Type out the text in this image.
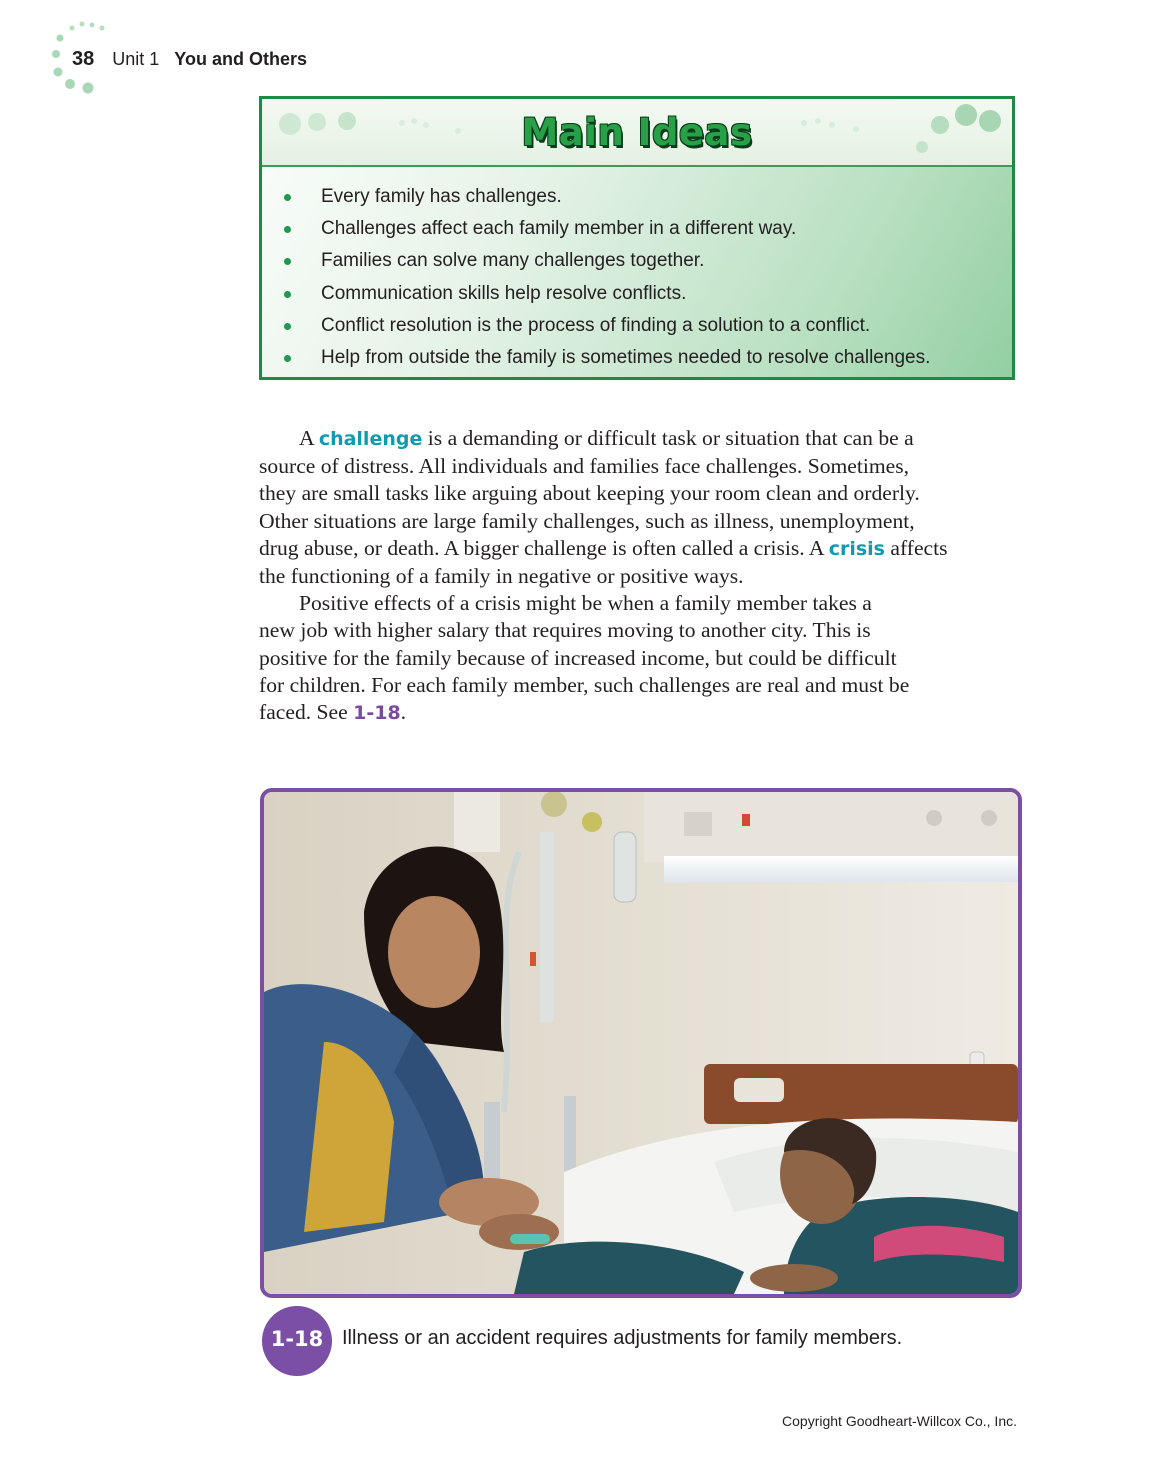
38 Unit 1 You and Others
Main Ideas
Every family has challenges.
Challenges affect each family member in a different way.
Families can solve many challenges together.
Communication skills help resolve conflicts.
Conflict resolution is the process of finding a solution to a conflict.
Help from outside the family is sometimes needed to resolve challenges.

A challenge is a demanding or difficult task or situation that can be a

source of distress. All individuals and families face challenges. Sometimes,

they are small tasks like arguing about keeping your room clean and orderly.

Other situations are large family challenges, such as illness, unemployment,

drug abuse, or death. A bigger challenge is often called a crisis. A crisis affects

the functioning of a family in negative or positive ways.

Positive effects of a crisis might be when a family member takes a

new job with higher salary that requires moving to another city. This is

positive for the family because of increased income, but could be difficult

for children. For each family member, such challenges are real and must be

faced. See 1-18.

1-18 Illness or an accident requires adjustments for family members.
Copyright Goodheart-Willcox Co., Inc.
